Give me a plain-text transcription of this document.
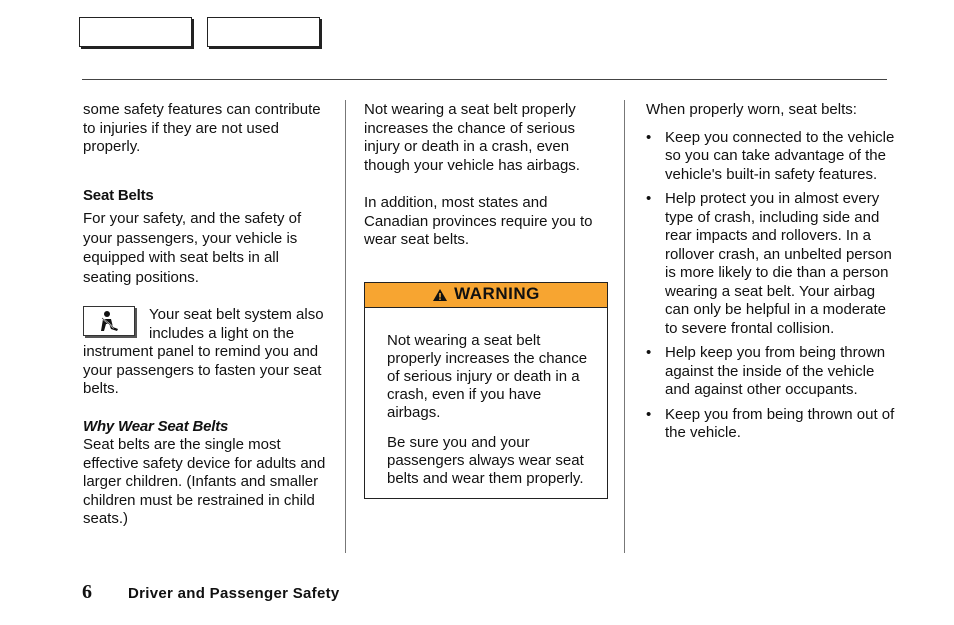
some safety features can contribute to injuries if they are not used properly.

Seat Belts

For your safety, and the safety of your passengers, your vehicle is equipped with seat belts in all seating positions.

Your seat belt system also includes a light on the instrument panel to remind you and your passengers to fasten your seat belts.
Why Wear Seat Belts

Seat belts are the single most effective safety device for adults and larger children. (Infants and smaller children must be restrained in child seats.)

Not wearing a seat belt properly increases the chance of serious injury or death in a crash, even though your vehicle has airbags.

In addition, most states and Canadian provinces require you to wear seat belts.

WARNING

Not wearing a seat belt properly increases the chance of serious injury or death in a crash, even if you have airbags.

Be sure you and your passengers always wear seat belts and wear them properly.

When properly worn, seat belts:

• Keep you connected to the vehicle so you can take advantage of the vehicle's built-in safety features.
• Help protect you in almost every type of crash, including side and rear impacts and rollovers. In a rollover crash, an unbelted person is more likely to die than a person wearing a seat belt. Your airbag can only be helpful in a moderate to severe frontal collision.
• Help keep you from being thrown against the inside of the vehicle and against other occupants.
• Keep you from being thrown out of the vehicle.
6	Driver and Passenger Safety
